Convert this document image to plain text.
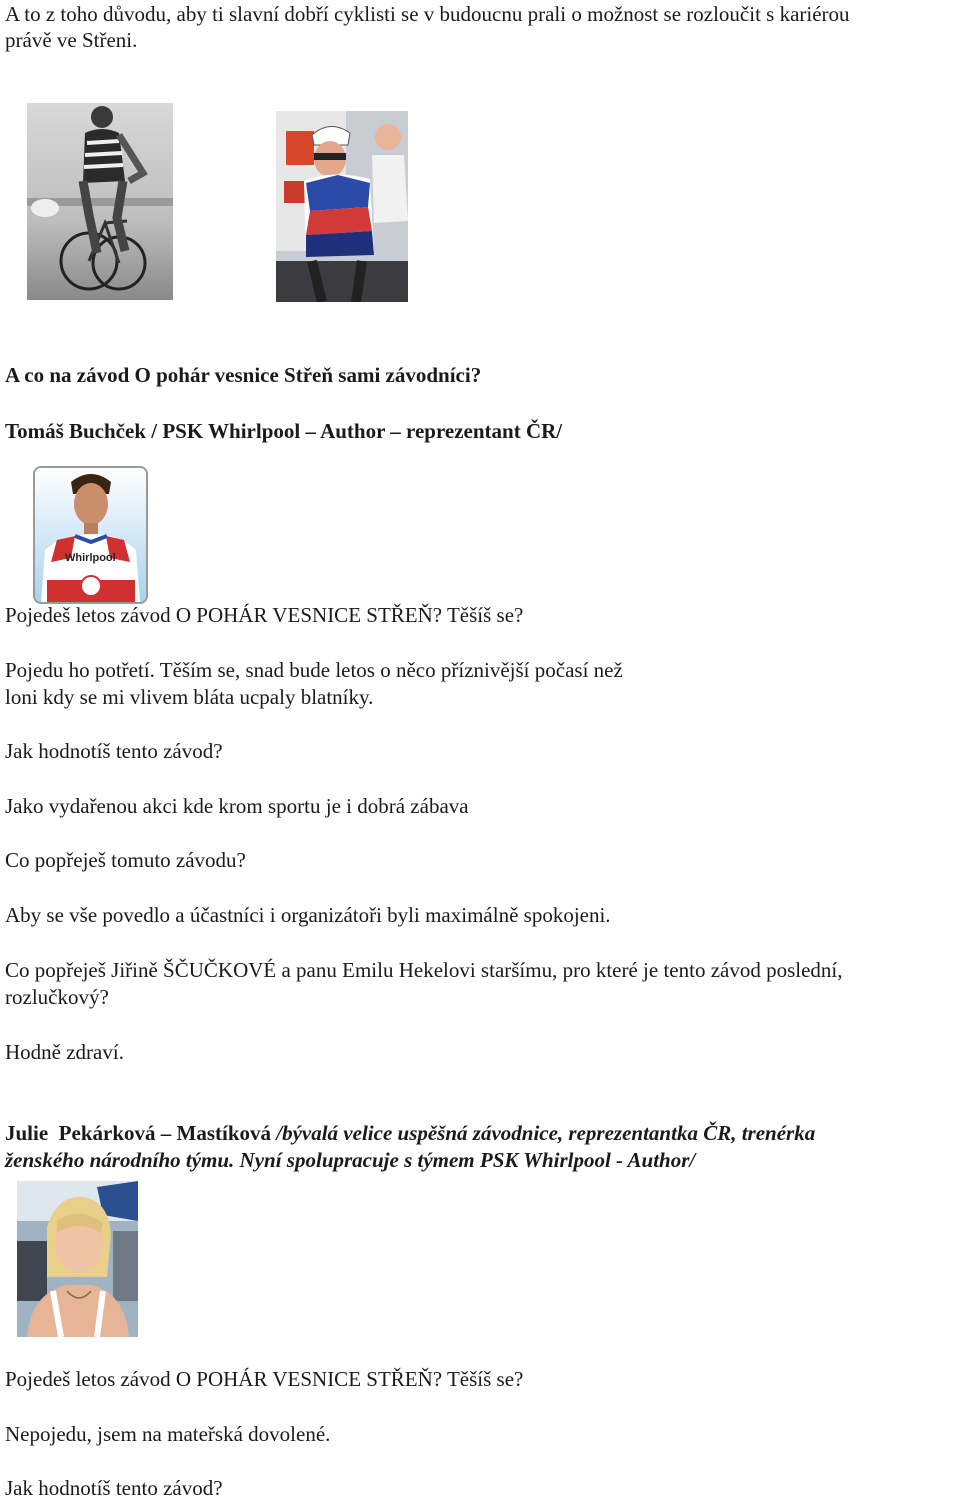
A to z toho důvodu, aby ti slavní dobří cyklisti se v budoucnu prali o možnost se rozloučit s kariérou

právě ve Střeni.

A co na závod O pohár vesnice Střeň sami závodníci?

Tomáš Buchček / PSK Whirlpool – Author – reprezentant ČR/

Whirlpool

Pojedeš letos závod O POHÁR VESNICE STŘEŇ? Těšíš se?

Pojedu ho potřetí. Těším se, snad bude letos o něco příznivější počasí než

loni kdy se mi vlivem bláta ucpaly blatníky.

Jak hodnotíš tento závod?

Jako vydařenou akci kde krom sportu je i dobrá zábava

Co popřeješ tomuto závodu?

Aby se vše povedlo a účastníci i organizátoři byli maximálně spokojeni.

Co popřeješ Jiřině ŠČUČKOVÉ a panu Emilu Hekelovi staršímu, pro které je tento závod poslední,

rozlučkový?

Hodně zdraví.

Julie  Pekárková – Mastíková /bývalá velice uspěšná závodnice, reprezentantka ČR, trenérka

ženského národního týmu. Nyní spolupracuje s týmem PSK Whirlpool - Author/

Pojedeš letos závod O POHÁR VESNICE STŘEŇ? Těšíš se?

Nepojedu, jsem na mateřská dovolené.

Jak hodnotíš tento závod?
